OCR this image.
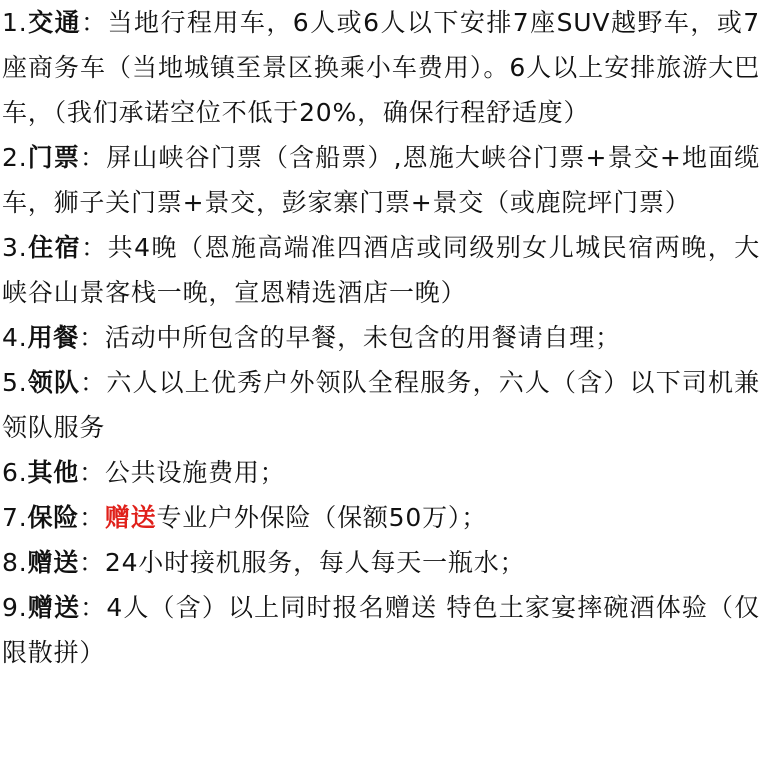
1.交通：当地行程用车，6人或6人以下安排7座SUV越野车，或7座商务车（当地城镇至景区换乘小车费用）。6人以上安排旅游大巴车，（我们承诺空位不低于20%，确保行程舒适度）

2.门票：屏山峡谷门票（含船票）,恩施大峡谷门票+景交+地面缆车，狮子关门票+景交，彭家寨门票+景交（或鹿院坪门票）

3.住宿：共4晚（恩施高端准四酒店或同级别女儿城民宿两晚，大峡谷山景客栈一晚，宣恩精选酒店一晚）

4.用餐：活动中所包含的早餐，未包含的用餐请自理；

5.领队：六人以上优秀户外领队全程服务，六人（含）以下司机兼领队服务

6.其他：公共设施费用；

7.保险：赠送专业户外保险（保额50万）；

8.赠送：24小时接机服务，每人每天一瓶水；

9.赠送：4人（含）以上同时报名赠送 特色土家宴摔碗酒体验（仅限散拼）
